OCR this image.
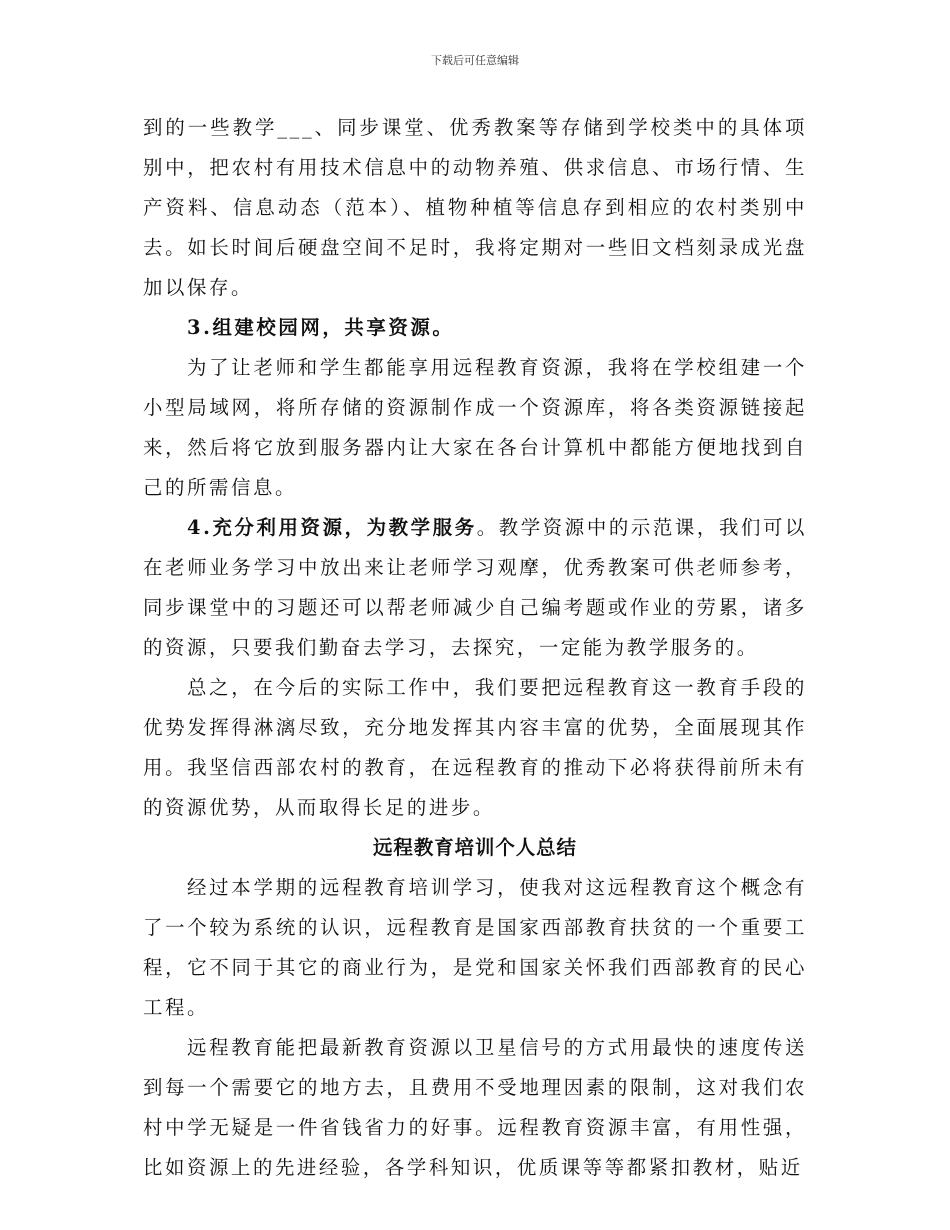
下载后可任意编辑

到的一些教学___、同步课堂、优秀教案等存储到学校类中的具体项别中，把农村有用技术信息中的动物养殖、供求信息、市场行情、生产资料、信息动态（范本）、植物种植等信息存到相应的农村类别中去。如长时间后硬盘空间不足时，我将定期对一些旧文档刻录成光盘加以保存。

3.组建校园网，共享资源。

为了让老师和学生都能享用远程教育资源，我将在学校组建一个小型局域网，将所存储的资源制作成一个资源库，将各类资源链接起来，然后将它放到服务器内让大家在各台计算机中都能方便地找到自己的所需信息。

4.充分利用资源，为教学服务。教学资源中的示范课，我们可以在老师业务学习中放出来让老师学习观摩，优秀教案可供老师参考，同步课堂中的习题还可以帮老师减少自己编考题或作业的劳累，诸多的资源，只要我们勤奋去学习，去探究，一定能为教学服务的。

总之，在今后的实际工作中，我们要把远程教育这一教育手段的优势发挥得淋漓尽致，充分地发挥其内容丰富的优势，全面展现其作用。我坚信西部农村的教育，在远程教育的推动下必将获得前所未有的资源优势，从而取得长足的进步。

远程教育培训个人总结

经过本学期的远程教育培训学习，使我对这远程教育这个概念有了一个较为系统的认识，远程教育是国家西部教育扶贫的一个重要工程，它不同于其它的商业行为，是党和国家关怀我们西部教育的民心工程。

远程教育能把最新教育资源以卫星信号的方式用最快的速度传送到每一个需要它的地方去，且费用不受地理因素的限制，这对我们农村中学无疑是一件省钱省力的好事。远程教育资源丰富，有用性强，比如资源上的先进经验，各学科知识，优质课等等都紧扣教材，贴近
